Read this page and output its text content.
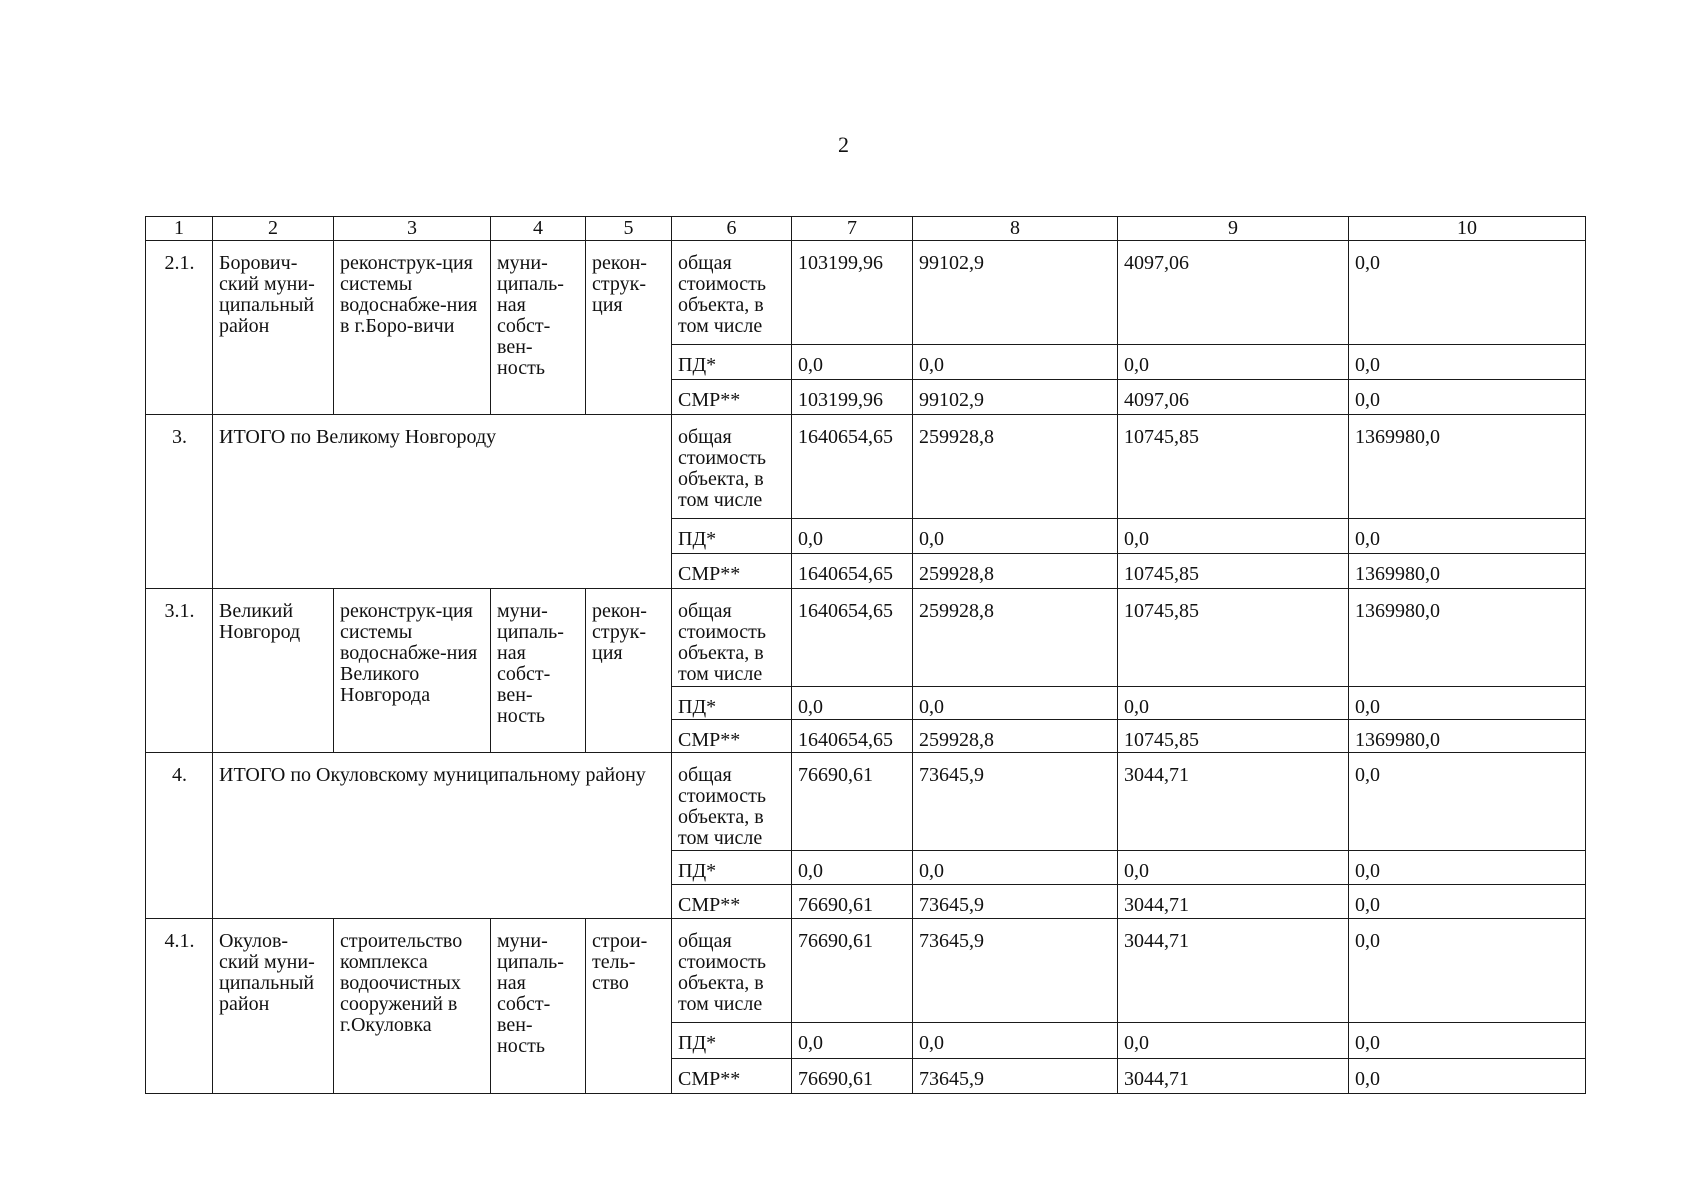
2
1	2	3	4	5	6	7	8	9	10
2.1.	Борович-ский муни-ципальный район	реконструк-ция системы водоснабже-ния в г.Боро-вичи	муни-ципаль-ная собст-вен-ность	рекон-струк-ция	общая стоимость объекта, в том числе	103199,96	99102,9	4097,06	0,0
					ПД*	0,0	0,0	0,0	0,0
					СМР**	103199,96	99102,9	4097,06	0,0
3.	ИТОГО по Великому Новгороду				общая стоимость объекта, в том числе	1640654,65	259928,8	10745,85	1369980,0
					ПД*	0,0	0,0	0,0	0,0
					СМР**	1640654,65	259928,8	10745,85	1369980,0
3.1.	Великий Новгород	реконструк-ция системы водоснабже-ния Великого Новгорода	муни-ципаль-ная собст-вен-ность	рекон-струк-ция	общая стоимость объекта, в том числе	1640654,65	259928,8	10745,85	1369980,0
					ПД*	0,0	0,0	0,0	0,0
					СМР**	1640654,65	259928,8	10745,85	1369980,0
4.	ИТОГО по Окуловскому муниципальному району				общая стоимость объекта, в том числе	76690,61	73645,9	3044,71	0,0
					ПД*	0,0	0,0	0,0	0,0
					СМР**	76690,61	73645,9	3044,71	0,0
4.1.	Окулов-ский муни-ципальный район	строительство комплекса водоочистных сооружений в г.Окуловка	муни-ципаль-ная собст-вен-ность	строи-тель-ство	общая стоимость объекта, в том числе	76690,61	73645,9	3044,71	0,0
					ПД*	0,0	0,0	0,0	0,0
					СМР**	76690,61	73645,9	3044,71	0,0
